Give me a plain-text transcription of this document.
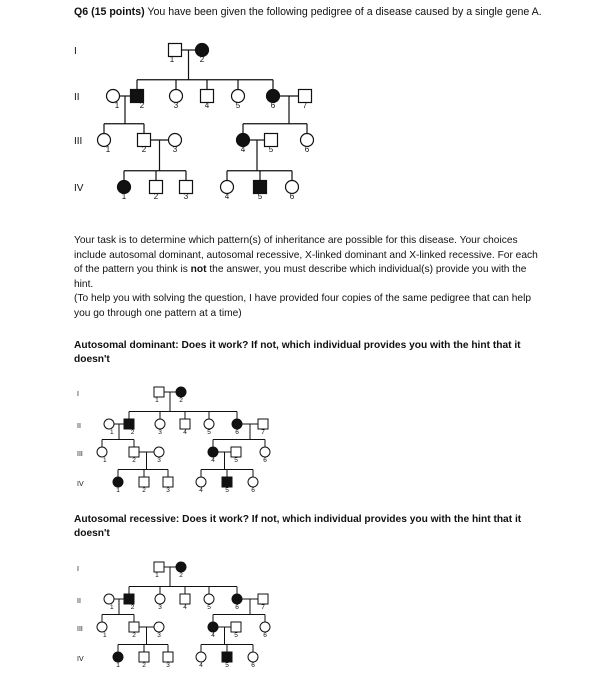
Q6 (15 points) You have been given the following pedigree of a disease caused by a single gene A.
I
II
III
IV
1	2
1	2	3	4	5	6	7
1	2	3	4	5	6
1	2	3	4	5	6

Your task is to determine which pattern(s) of inheritance are possible for this disease. Your choices include autosomal dominant, autosomal recessive, X-linked dominant and X-linked recessive. For each of the pattern you think is not the answer, you must describe which individual(s) provide you with the hint.

(To help you with solving the question, I have provided four copies of the same pedigree that can help you go through one pattern at a time)

Autosomal dominant: Does it work? If not, which individual provides you with the hint that it doesn't
I
II
III
IV
1	2
1	2	3	4	5	6	7
1	2	3	4	5	6
1	2	3	4	5	6
Autosomal recessive: Does it work? If not, which individual provides you with the hint that it doesn't
I
II
III
IV
1	2
1	2	3	4	5	6	7
1	2	3	4	5	6
1	2	3	4	5	6
